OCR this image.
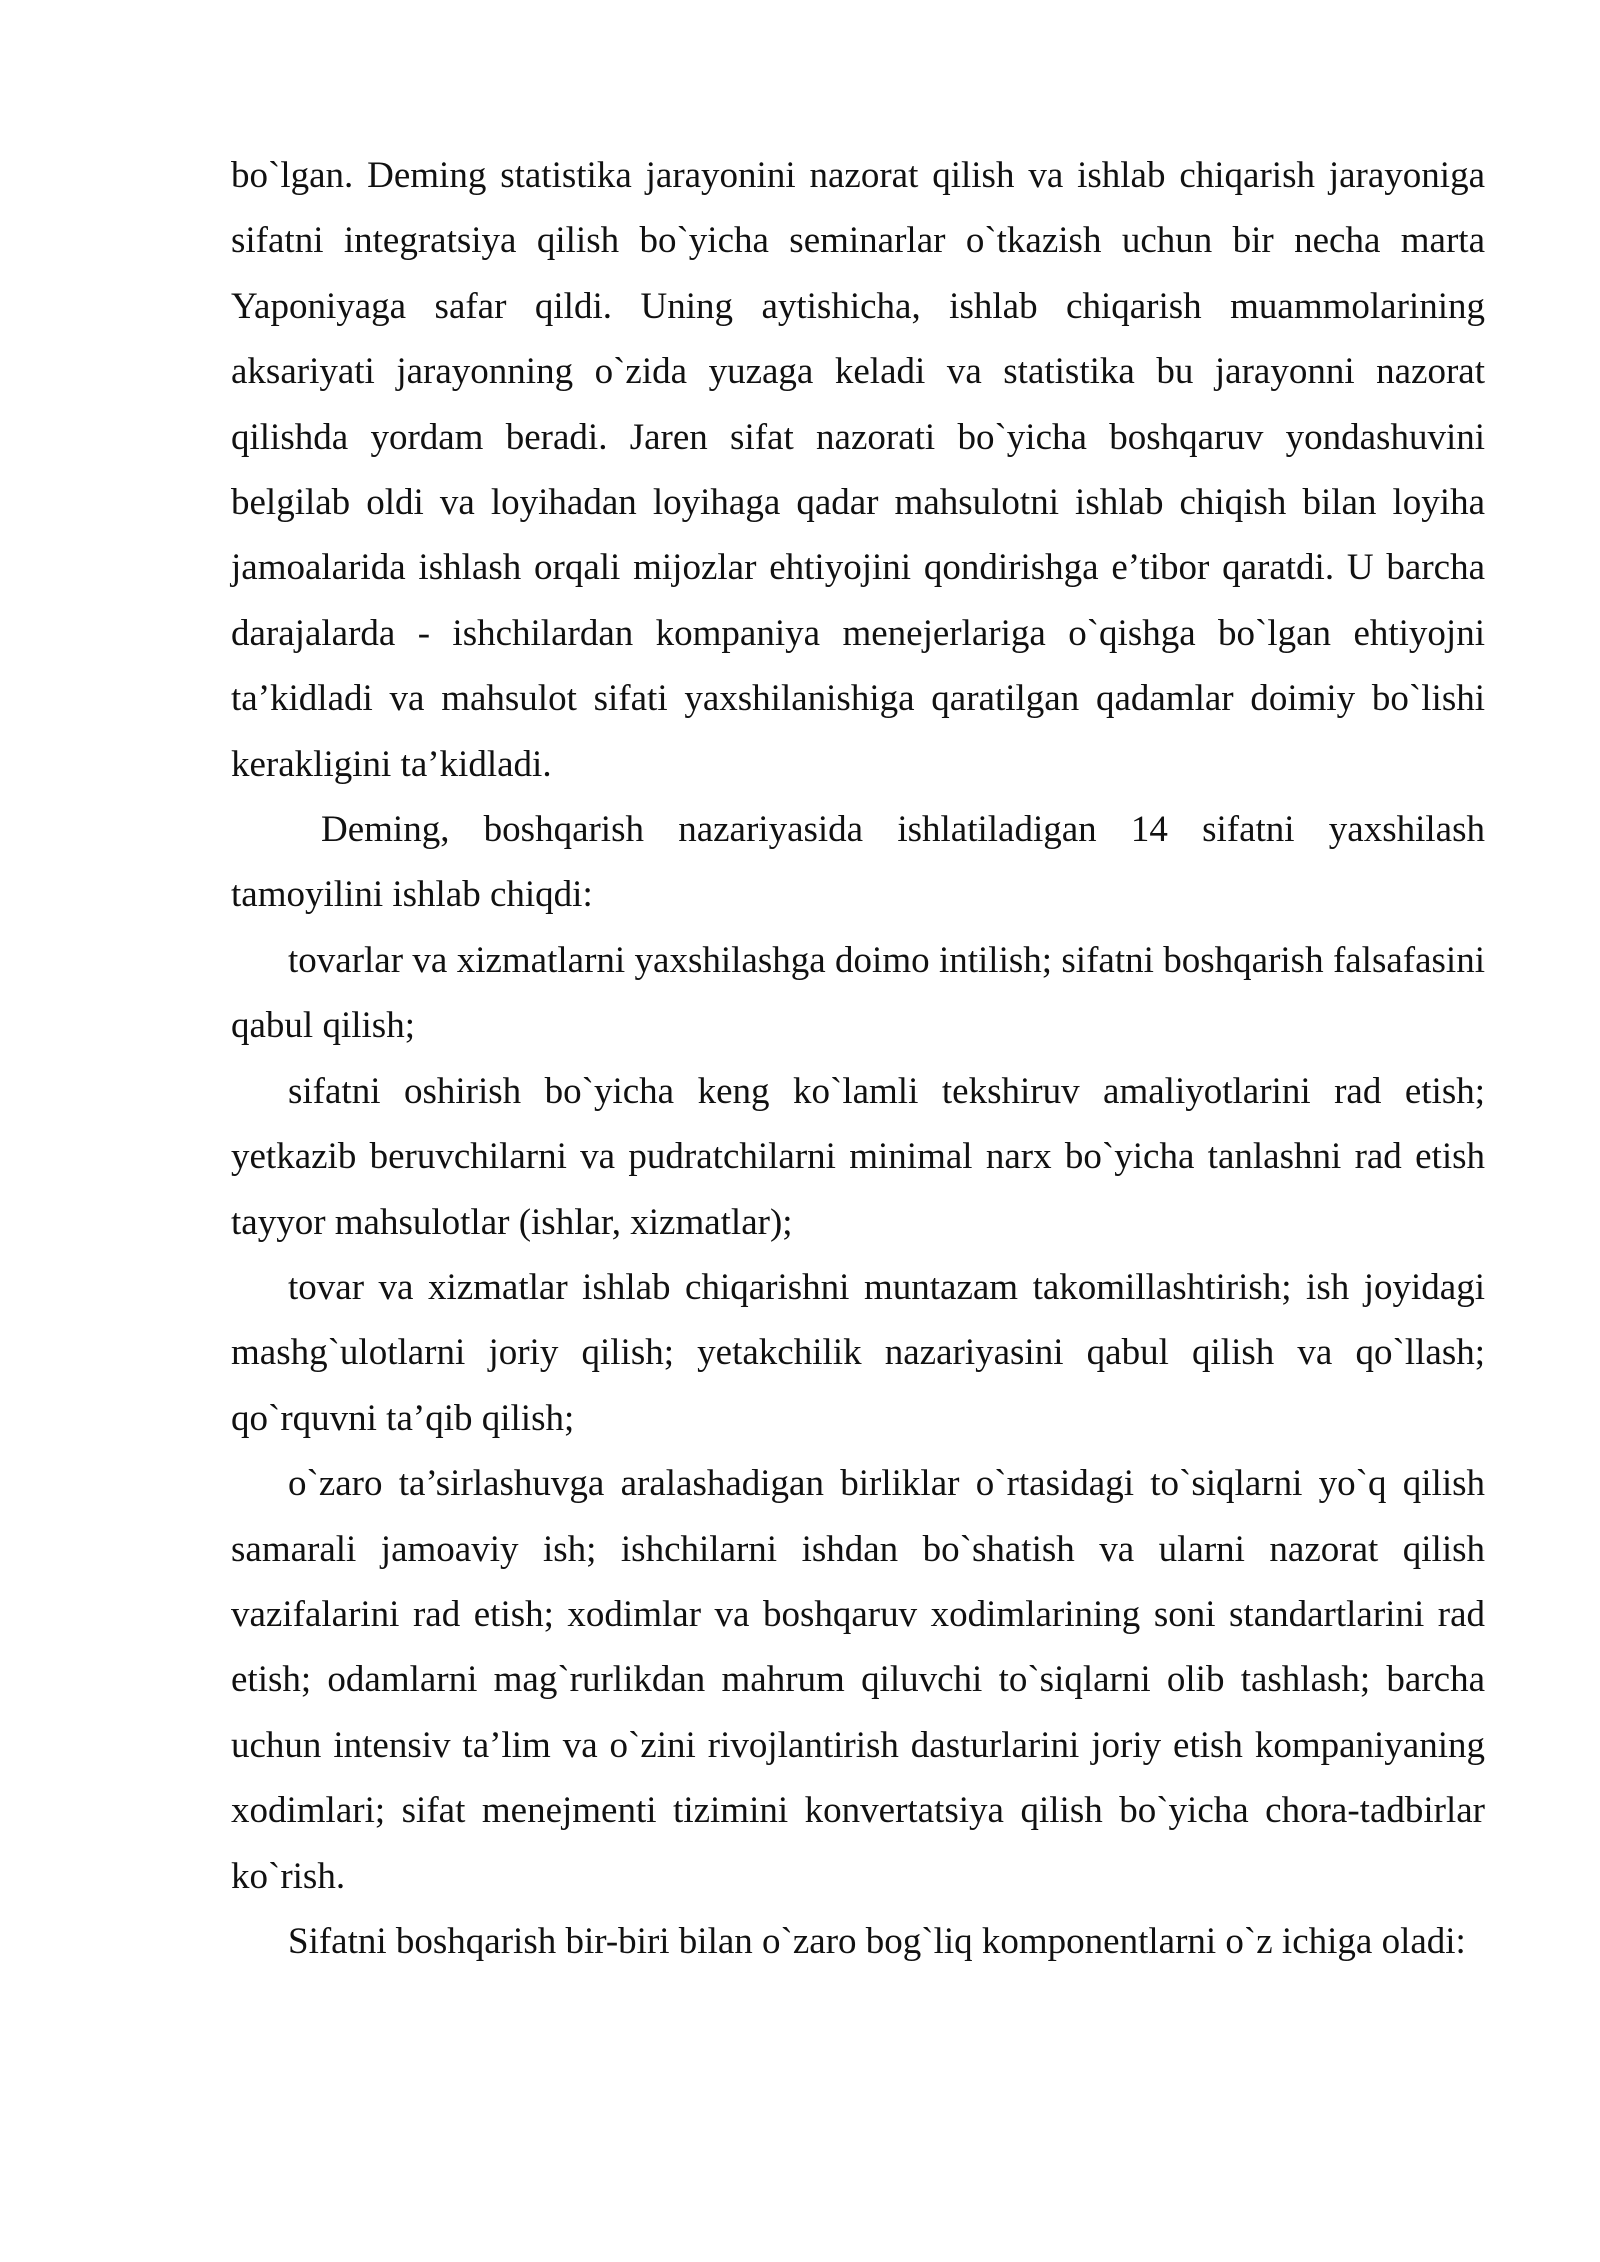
bo`lgan. Deming statistika jarayonini nazorat qilish va ishlab chiqarish jarayoniga sifatni integratsiya qilish bo`yicha seminarlar o`tkazish uchun bir necha marta Yaponiyaga safar qildi. Uning aytishicha, ishlab chiqarish muammolarining aksariyati jarayonning o`zida yuzaga keladi va statistika bu jarayonni nazorat qilishda yordam beradi. Jaren sifat nazorati bo`yicha boshqaruv yondashuvini belgilab oldi va loyihadan loyihaga qadar mahsulotni ishlab chiqish bilan loyiha jamoalarida ishlash orqali mijozlar ehtiyojini qondirishga e’tibor qaratdi. U barcha darajalarda - ishchilardan kompaniya menejerlariga o`qishga bo`lgan ehtiyojni ta’kidladi va mahsulot sifati yaxshilanishiga qaratilgan qadamlar doimiy bo`lishi kerakligini ta’kidladi.

Deming, boshqarish nazariyasida ishlatiladigan 14 sifatni yaxshilash tamoyilini ishlab chiqdi:

tovarlar va xizmatlarni yaxshilashga doimo intilish; sifatni boshqarish falsafasini qabul qilish;

sifatni oshirish bo`yicha keng ko`lamli tekshiruv amaliyotlarini rad etish; yetkazib beruvchilarni va pudratchilarni minimal narx bo`yicha tanlashni rad etish tayyor mahsulotlar (ishlar, xizmatlar);

tovar va xizmatlar ishlab chiqarishni muntazam takomillashtirish; ish joyidagi mashg`ulotlarni joriy qilish; yetakchilik nazariyasini qabul qilish va qo`llash; qo`rquvni ta’qib qilish;

o`zaro ta’sirlashuvga aralashadigan birliklar o`rtasidagi to`siqlarni yo`q qilish samarali jamoaviy ish; ishchilarni ishdan bo`shatish va ularni nazorat qilish vazifalarini rad etish; xodimlar va boshqaruv xodimlarining soni standartlarini rad etish; odamlarni mag`rurlikdan mahrum qiluvchi to`siqlarni olib tashlash; barcha uchun intensiv ta’lim va o`zini rivojlantirish dasturlarini joriy etish kompaniyaning xodimlari; sifat menejmenti tizimini konvertatsiya qilish bo`yicha chora-tadbirlar ko`rish.

Sifatni boshqarish bir-biri bilan o`zaro bog`liq komponentlarni o`z ichiga oladi:
